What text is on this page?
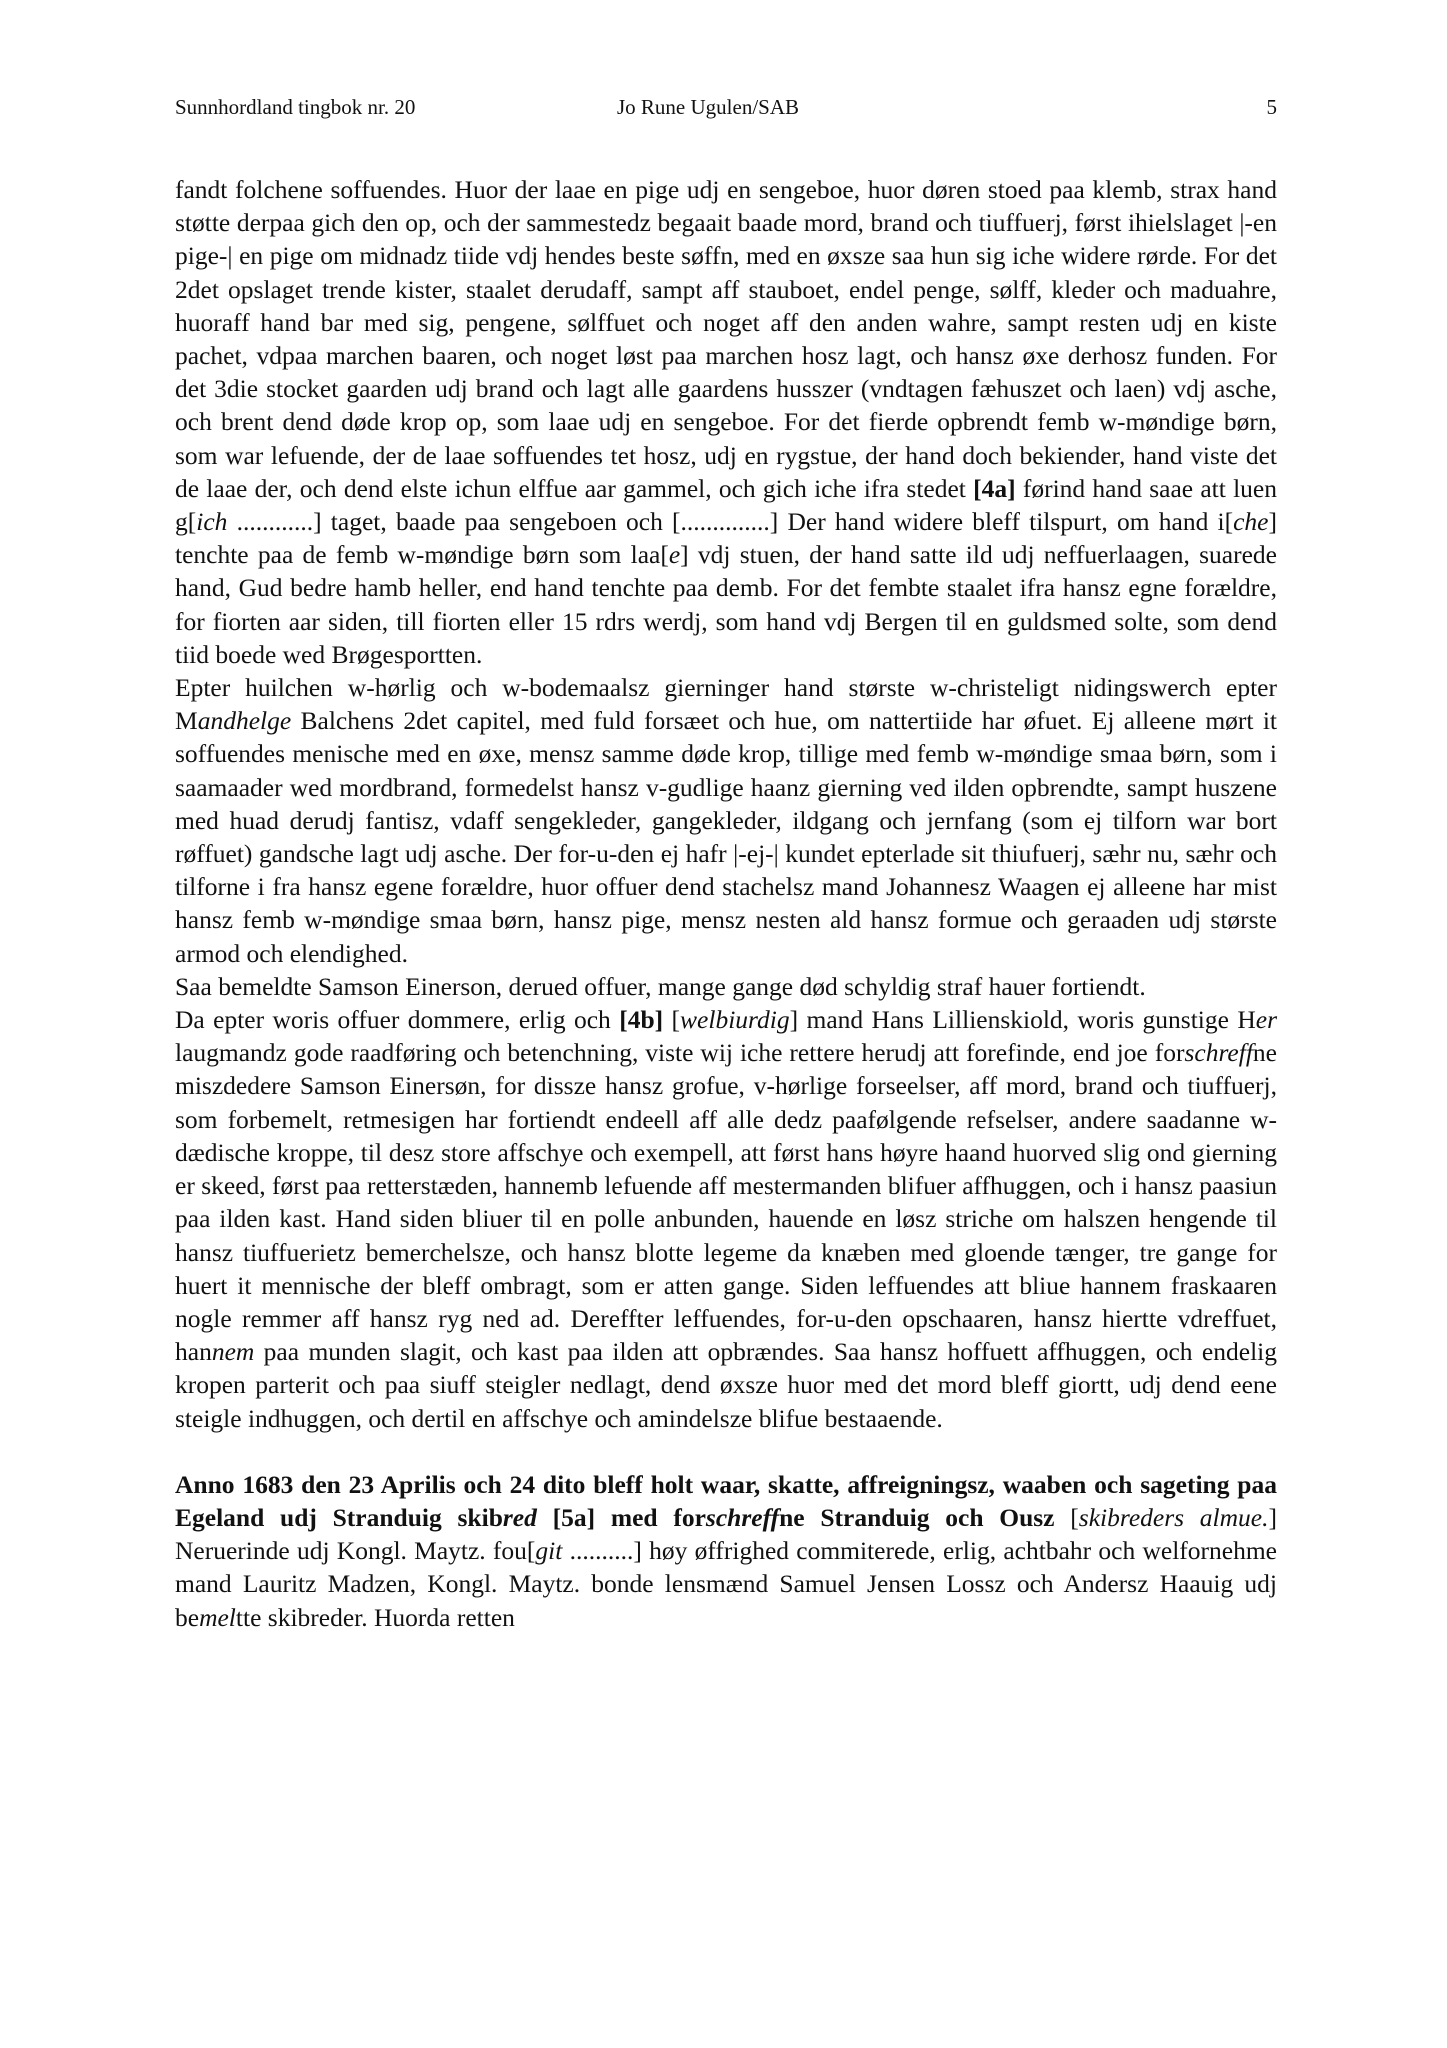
Sunnhordland tingbok nr. 20	Jo Rune Ugulen/SAB	5

fandt folchene soffuendes. Huor der laae en pige udj en sengeboe, huor døren stoed paa klemb, strax hand støtte derpaa gich den op, och der sammestedz begaait baade mord, brand och tiuffuerj, først ihielslaget |-en pige-| en pige om midnadz tiide vdj hendes beste søffn, med en øxsze saa hun sig iche widere rørde. For det 2det opslaget trende kister, staalet derudaff, sampt aff stauboet, endel penge, sølff, kleder och maduahre, huoraff hand bar med sig, pengene, sølffuet och noget aff den anden wahre, sampt resten udj en kiste pachet, vdpaa marchen baaren, och noget løst paa marchen hosz lagt, och hansz øxe derhosz funden. For det 3die stocket gaarden udj brand och lagt alle gaardens husszer (vndtagen fæhuszet och laen) vdj asche, och brent dend døde krop op, som laae udj en sengeboe. For det fierde opbrendt femb w-møndige børn, som war lefuende, der de laae soffuendes tet hosz, udj en rygstue, der hand doch bekiender, hand viste det de laae der, och dend elste ichun elffue aar gammel, och gich iche ifra stedet [4a] førind hand saae att luen g[ich ............] taget, baade paa sengeboen och [..............] Der hand widere bleff tilspurt, om hand i[che] tenchte paa de femb w-møndige børn som laa[e] vdj stuen, der hand satte ild udj neffuerlaagen, suarede hand, Gud bedre hamb heller, end hand tenchte paa demb. For det fembte staalet ifra hansz egne forældre, for fiorten aar siden, till fiorten eller 15 rdrs werdj, som hand vdj Bergen til en guldsmed solte, som dend tiid boede wed Brøgesportten.

Epter huilchen w-hørlig och w-bodemaalsz gierninger hand største w-christeligt nidingswerch epter Mandhelge Balchens 2det capitel, med fuld forsæet och hue, om nattertiide har øfuet. Ej alleene mørt it soffuendes menische med en øxe, mensz samme døde krop, tillige med femb w-møndige smaa børn, som i saamaader wed mordbrand, formedelst hansz v-gudlige haanz gierning ved ilden opbrendte, sampt huszene med huad derudj fantisz, vdaff sengekleder, gangekleder, ildgang och jernfang (som ej tilforn war bort røffuet) gandsche lagt udj asche. Der for-u-den ej hafr |-ej-| kundet epterlade sit thiufuerj, sæhr nu, sæhr och tilforne i fra hansz egene forældre, huor offuer dend stachelsz mand Johannesz Waagen ej alleene har mist hansz femb w-møndige smaa børn, hansz pige, mensz nesten ald hansz formue och geraaden udj største armod och elendighed.

Saa bemeldte Samson Einerson, derued offuer, mange gange død schyldig straf hauer fortiendt.

Da epter woris offuer dommere, erlig och [4b] [welbiurdig] mand Hans Lillienskiold, woris gunstige Her laugmandz gode raadføring och betenchning, viste wij iche rettere herudj att forefinde, end joe forschreffne miszdedere Samson Einersøn, for dissze hansz grofue, v-hørlige forseelser, aff mord, brand och tiuffuerj, som forbemelt, retmesigen har fortiendt endeell aff alle dedz paafølgende refselser, andere saadanne w-dædische kroppe, til desz store affschye och exempell, att først hans høyre haand huorved slig ond gierning er skeed, først paa retterstæden, hannemb lefuende aff mestermanden blifuer affhuggen, och i hansz paasiun paa ilden kast. Hand siden bliuer til en polle anbunden, hauende en løsz striche om halszen hengende til hansz tiuffuerietz bemerchelsze, och hansz blotte legeme da knæben med gloende tænger, tre gange for huert it mennische der bleff ombragt, som er atten gange. Siden leffuendes att bliue hannem fraskaaren nogle remmer aff hansz ryg ned ad. Dereffter leffuendes, for-u-den opschaaren, hansz hiertte vdreffuet, hannem paa munden slagit, och kast paa ilden att opbrændes. Saa hansz hoffuett affhuggen, och endelig kropen parterit och paa siuff steigler nedlagt, dend øxsze huor med det mord bleff giortt, udj dend eene steigle indhuggen, och dertil en affschye och amindelsze blifue bestaaende.

Anno 1683 den 23 Aprilis och 24 dito bleff holt waar, skatte, affreigningsz, waaben och sageting paa Egeland udj Stranduig skibred [5a] med forschreffne Stranduig och Ousz [skibreders almue.] Neruerinde udj Kongl. Maytz. fou[git ..........] høy øffrighed commiterede, erlig, achtbahr och welfornehme mand Lauritz Madzen, Kongl. Maytz. bonde lensmænd Samuel Jensen Lossz och Andersz Haauig udj bemeltte skibreder. Huorda retten
